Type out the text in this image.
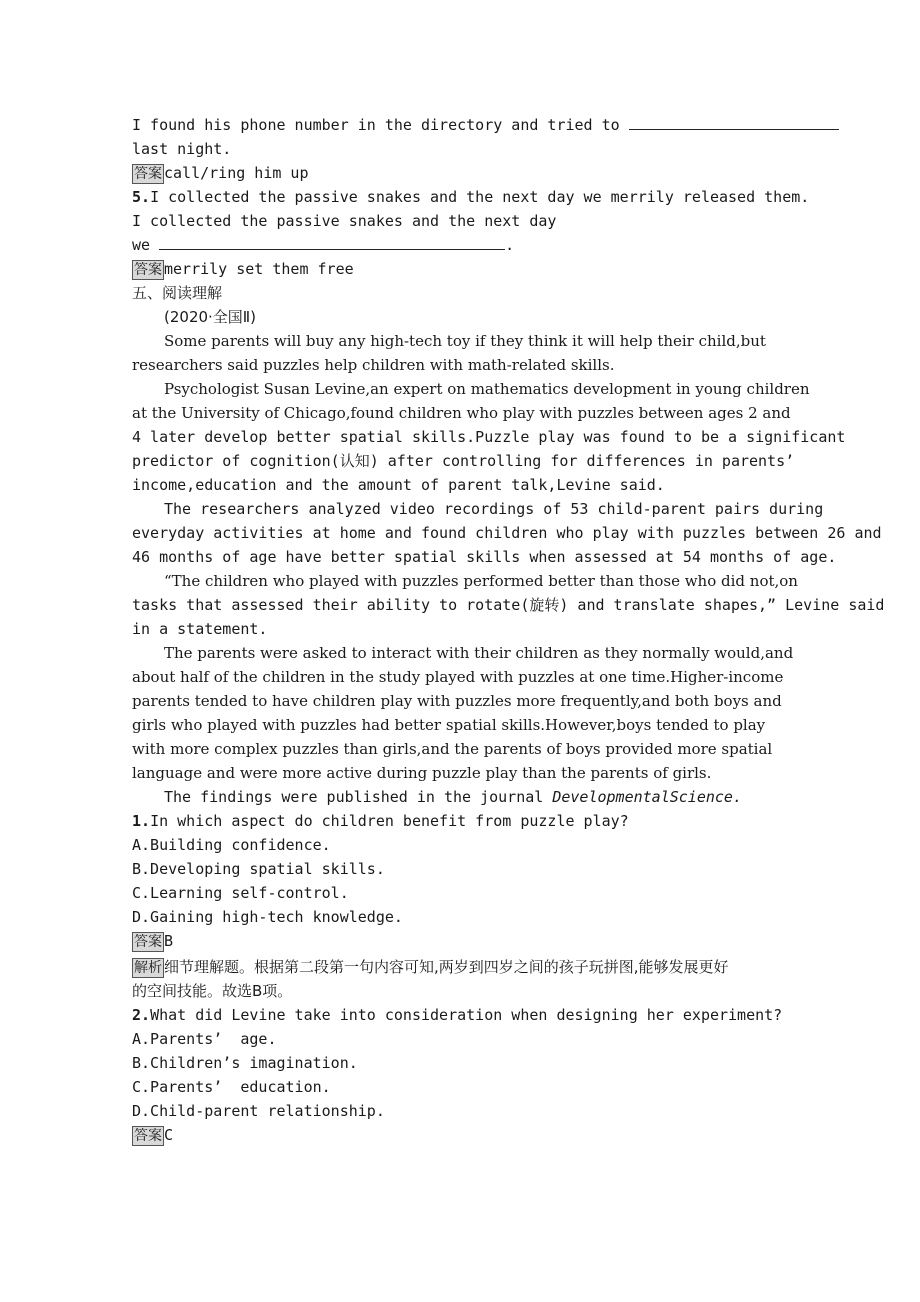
I found his phone number in the directory and tried to
last night.
答案 call/ring him up
5.I collected the passive snakes and the next day we merrily released them.
I collected the passive snakes and the next day
we	.
答案 merrily set them free
五、阅读理解
(2020·全国Ⅱ)
Some parents will buy any high-tech toy if they think it will help their child,but
researchers said puzzles help children with math-related skills.
Psychologist Susan Levine,an expert on mathematics development in young children
at the University of Chicago,found children who play with puzzles between ages 2 and
4 later develop better spatial skills.Puzzle play was found to be a significant
predictor of cognition(认知) after controlling for differences in parents’
income,education and the amount of parent talk,Levine said.
The researchers analyzed video recordings of 53 child-parent pairs during
everyday activities at home and found children who play with puzzles between 26 and
46 months of age have better spatial skills when assessed at 54 months of age.
“The children who played with puzzles performed better than those who did not,on
tasks that assessed their ability to rotate(旋转) and translate shapes,” Levine said
in a statement.
The parents were asked to interact with their children as they normally would,and
about half of the children in the study played with puzzles at one time.Higher-income
parents tended to have children play with puzzles more frequently,and both boys and
girls who played with puzzles had better spatial skills.However,boys tended to play
with more complex puzzles than girls,and the parents of boys provided more spatial
language and were more active during puzzle play than the parents of girls.
The findings were published in the journal DevelopmentalScience.
1.In which aspect do children benefit from puzzle play?
A.Building confidence.
B.Developing spatial skills.
C.Learning self-control.
D.Gaining high-tech knowledge.
答案 B
解析 细节理解题。根据第二段第一句内容可知,两岁到四岁之间的孩子玩拼图,能够发展更好
的空间技能。故选B项。
2.What did Levine take into consideration when designing her experiment?
A.Parents’  age.
B.Children’s imagination.
C.Parents’  education.
D.Child-parent relationship.
答案 C
